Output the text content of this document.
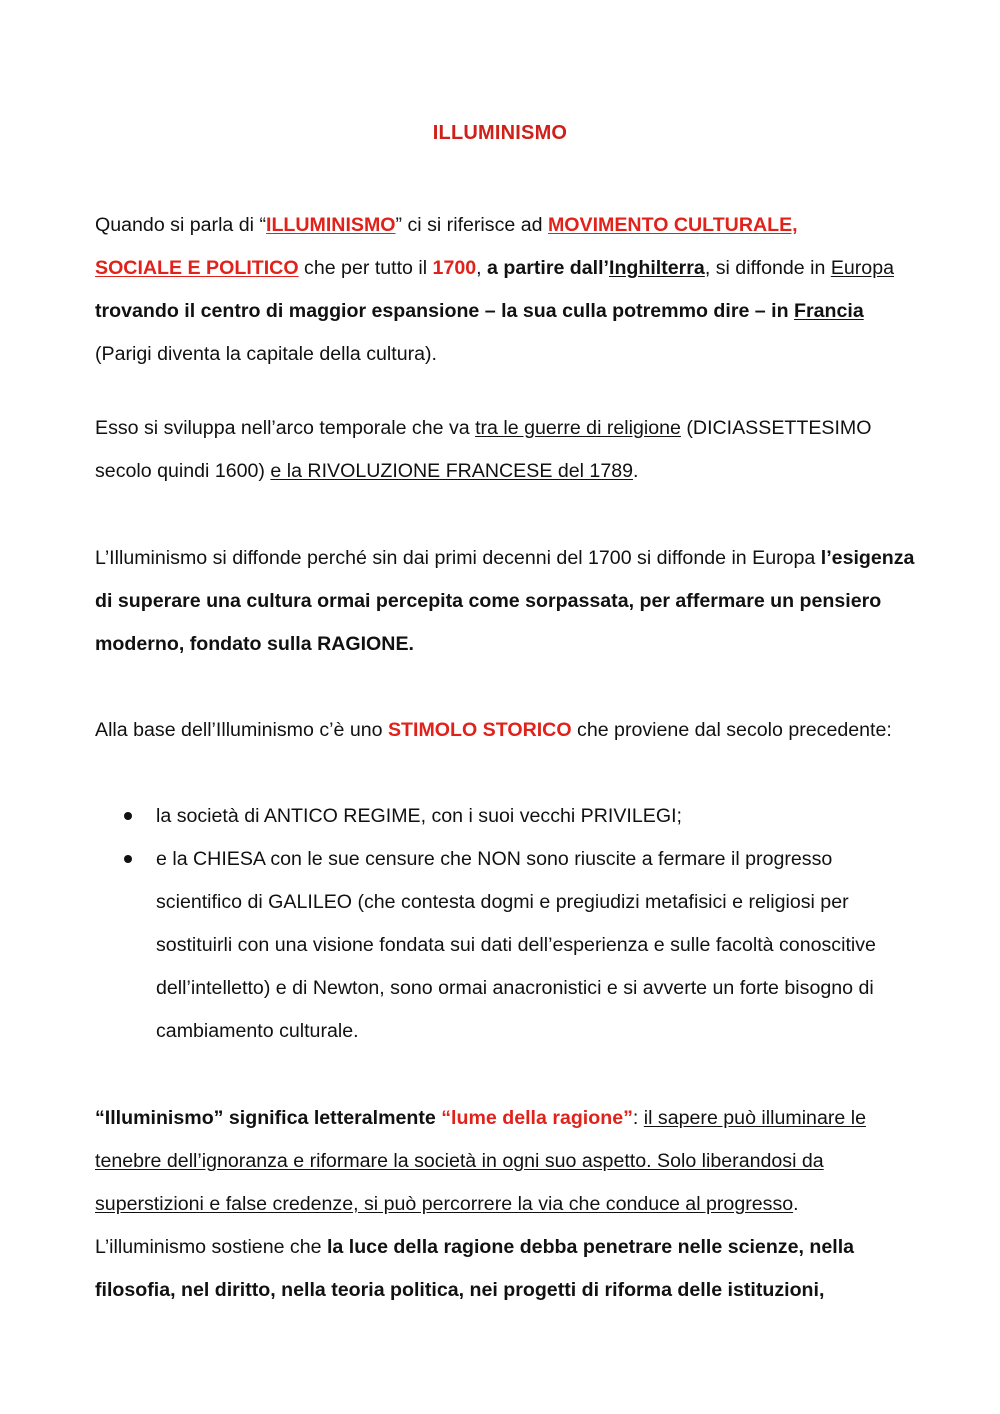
ILLUMINISMO
Quando si parla di “ILLUMINISMO” ci si riferisce ad MOVIMENTO CULTURALE,
SOCIALE E POLITICO che per tutto il 1700, a partire dall’Inghilterra, si diffonde in Europa trovando il centro di maggior espansione – la sua culla potremmo dire – in Francia (Parigi diventa la capitale della cultura).
Esso si sviluppa nell’arco temporale che va tra le guerre di religione (DICIASSETTESIMO secolo quindi 1600) e la RIVOLUZIONE FRANCESE del 1789.
L’Illuminismo si diffonde perché sin dai primi decenni del 1700 si diffonde in Europa l’esigenza di superare una cultura ormai percepita come sorpassata, per affermare un pensiero moderno, fondato sulla RAGIONE.
Alla base dell’Illuminismo c’è uno STIMOLO STORICO che proviene dal secolo precedente:
la società di ANTICO REGIME, con i suoi vecchi PRIVILEGI;
e la CHIESA con le sue censure che NON sono riuscite a fermare il progresso scientifico di GALILEO (che contesta dogmi e pregiudizi metafisici e religiosi per sostituirli con una visione fondata sui dati dell’esperienza e sulle facoltà conoscitive dell’intelletto) e di Newton, sono ormai anacronistici e si avverte un forte bisogno di cambiamento culturale.
“Illuminismo” significa letteralmente “lume della ragione”: il sapere può illuminare le tenebre dell’ignoranza e riformare la società in ogni suo aspetto. Solo liberandosi da superstizioni e false credenze, si può percorrere la via che conduce al progresso. L’illuminismo sostiene che la luce della ragione debba penetrare nelle scienze, nella filosofia, nel diritto, nella teoria politica, nei progetti di riforma delle istituzioni,
